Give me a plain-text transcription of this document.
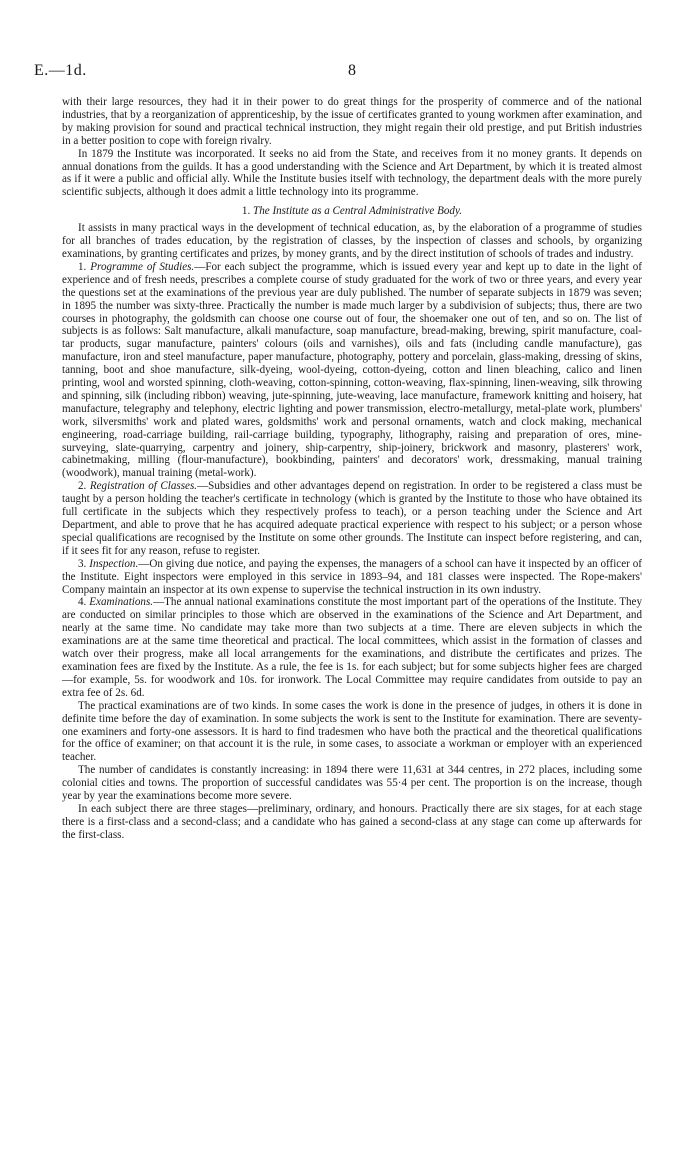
E.—1d.	8

with their large resources, they had it in their power to do great things for the prosperity of commerce and of the national industries, that by a reorganization of apprenticeship, by the issue of certificates granted to young workmen after examination, and by making provision for sound and practical technical instruction, they might regain their old prestige, and put British industries in a better position to cope with foreign rivalry.

In 1879 the Institute was incorporated. It seeks no aid from the State, and receives from it no money grants. It depends on annual donations from the guilds. It has a good understanding with the Science and Art Department, by which it is treated almost as if it were a public and official ally. While the Institute busies itself with technology, the department deals with the more purely scientific subjects, although it does admit a little technology into its programme.

1. The Institute as a Central Administrative Body.

It assists in many practical ways in the development of technical education, as, by the elaboration of a programme of studies for all branches of trades education, by the registration of classes, by the inspection of classes and schools, by organizing examinations, by granting certificates and prizes, by money grants, and by the direct institution of schools of trades and industry.

1. Programme of Studies.—For each subject the programme, which is issued every year and kept up to date in the light of experience and of fresh needs, prescribes a complete course of study graduated for the work of two or three years, and every year the questions set at the examinations of the previous year are duly published. The number of separate subjects in 1879 was seven; in 1895 the number was sixty-three. Practically the number is made much larger by a subdivision of subjects; thus, there are two courses in photography, the goldsmith can choose one course out of four, the shoemaker one out of ten, and so on. The list of subjects is as follows: Salt manufacture, alkali manufacture, soap manufacture, bread-making, brewing, spirit manufacture, coal-tar products, sugar manufacture, painters' colours (oils and varnishes), oils and fats (including candle manufacture), gas manufacture, iron and steel manufacture, paper manufacture, photography, pottery and porcelain, glass-making, dressing of skins, tanning, boot and shoe manufacture, silk-dyeing, wool-dyeing, cotton-dyeing, cotton and linen bleaching, calico and linen printing, wool and worsted spinning, cloth-weaving, cotton-spinning, cotton-weaving, flax-spinning, linen-weaving, silk throwing and spinning, silk (including ribbon) weaving, jute-spinning, jute-weaving, lace manufacture, framework knitting and hoisery, hat manufacture, telegraphy and telephony, electric lighting and power transmission, electro-metallurgy, metal-plate work, plumbers' work, silversmiths' work and plated wares, goldsmiths' work and personal ornaments, watch and clock making, mechanical engineering, road-carriage building, rail-carriage building, typography, lithography, raising and preparation of ores, mine-surveying, slate-quarrying, carpentry and joinery, ship-carpentry, ship-joinery, brickwork and masonry, plasterers' work, cabinetmaking, milling (flour-manufacture), bookbinding, painters' and decorators' work, dressmaking, manual training (woodwork), manual training (metal-work).

2. Registration of Classes.—Subsidies and other advantages depend on registration. In order to be registered a class must be taught by a person holding the teacher's certificate in technology (which is granted by the Institute to those who have obtained its full certificate in the subjects which they respectively profess to teach), or a person teaching under the Science and Art Department, and able to prove that he has acquired adequate practical experience with respect to his subject; or a person whose special qualifications are recognised by the Institute on some other grounds. The Institute can inspect before registering, and can, if it sees fit for any reason, refuse to register.

3. Inspection.—On giving due notice, and paying the expenses, the managers of a school can have it inspected by an officer of the Institute. Eight inspectors were employed in this service in 1893–94, and 181 classes were inspected. The Rope-makers' Company maintain an inspector at its own expense to supervise the technical instruction in its own industry.

4. Examinations.—The annual national examinations constitute the most important part of the operations of the Institute. They are conducted on similar principles to those which are observed in the examinations of the Science and Art Department, and nearly at the same time. No candidate may take more than two subjects at a time. There are eleven subjects in which the examinations are at the same time theoretical and practical. The local committees, which assist in the formation of classes and watch over their progress, make all local arrangements for the examinations, and distribute the certificates and prizes. The examination fees are fixed by the Institute. As a rule, the fee is 1s. for each subject; but for some subjects higher fees are charged—for example, 5s. for woodwork and 10s. for ironwork. The Local Committee may require candidates from outside to pay an extra fee of 2s. 6d.

The practical examinations are of two kinds. In some cases the work is done in the presence of judges, in others it is done in definite time before the day of examination. In some subjects the work is sent to the Institute for examination. There are seventy-one examiners and forty-one assessors. It is hard to find tradesmen who have both the practical and the theoretical qualifications for the office of examiner; on that account it is the rule, in some cases, to associate a workman or employer with an experienced teacher.

The number of candidates is constantly increasing: in 1894 there were 11,631 at 344 centres, in 272 places, including some colonial cities and towns. The proportion of successful candidates was 55·4 per cent. The proportion is on the increase, though year by year the examinations become more severe.

In each subject there are three stages—preliminary, ordinary, and honours. Practically there are six stages, for at each stage there is a first-class and a second-class; and a candidate who has gained a second-class at any stage can come up afterwards for the first-class.
